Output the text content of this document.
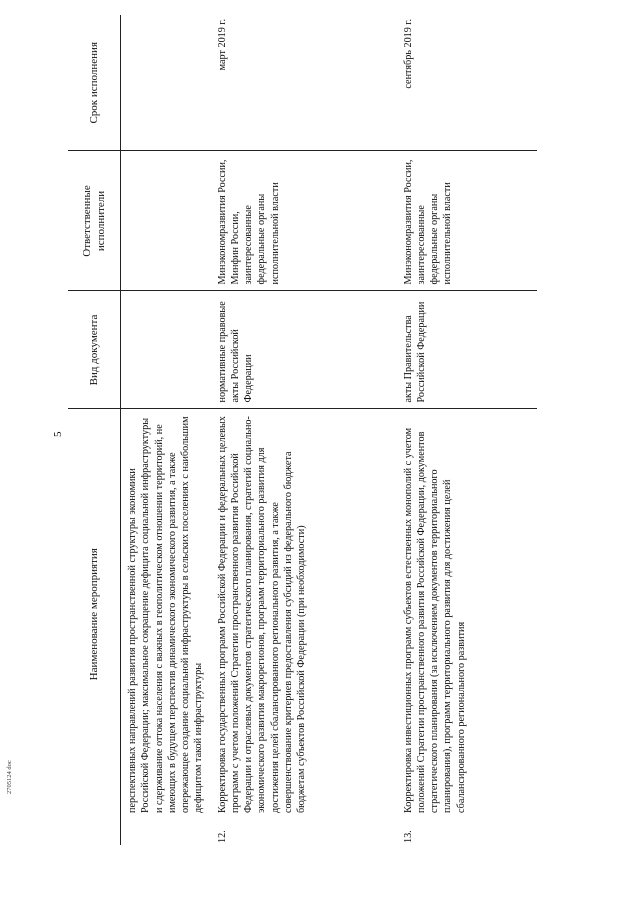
5
	Наименование мероприятия	Вид документа	Ответственные исполнители	Срок исполнения
	перспективных направлений развития пространственной структуры экономики Российской Федерации; максимальное сокращение дефицита социальной инфраструктуры и сдерживание оттока населения с важных в геополитическом отношении территорий, не имеющих в будущем перспектив динамического экономического развития, а также опережающее создание социальной инфраструктуры в сельских поселениях с наибольшим дефицитом такой инфраструктуры			
12.	Корректировка государственных программ Российской Федерации и федеральных целевых программ с учетом положений Стратегии пространственного развития Российской Федерации и отраслевых документов стратегического планирования, стратегий социально-экономического развития макрорегионов, программ территориального развития для достижения целей сбалансированного регионального развития, а также совершенствование критериев предоставления субсидий из федерального бюджета бюджетам субъектов Российской Федерации (при необходимости)	нормативные правовые акты Российской Федерации	Минэкономразвития России, Минфин России, заинтересованные федеральные органы исполнительной власти	март 2019 г.
13.	Корректировка инвестиционных программ субъектов естественных монополий с учетом положений Стратегии пространственного развития Российской Федерации, документов стратегического планирования (за исключением документов территориального планирования), программ территориального развития для достижения целей сбалансированного регионального развития	акты Правительства Российской Федерации	Минэкономразвития России, заинтересованные федеральные органы исполнительной власти	сентябрь 2019 г.
2705124 doc
